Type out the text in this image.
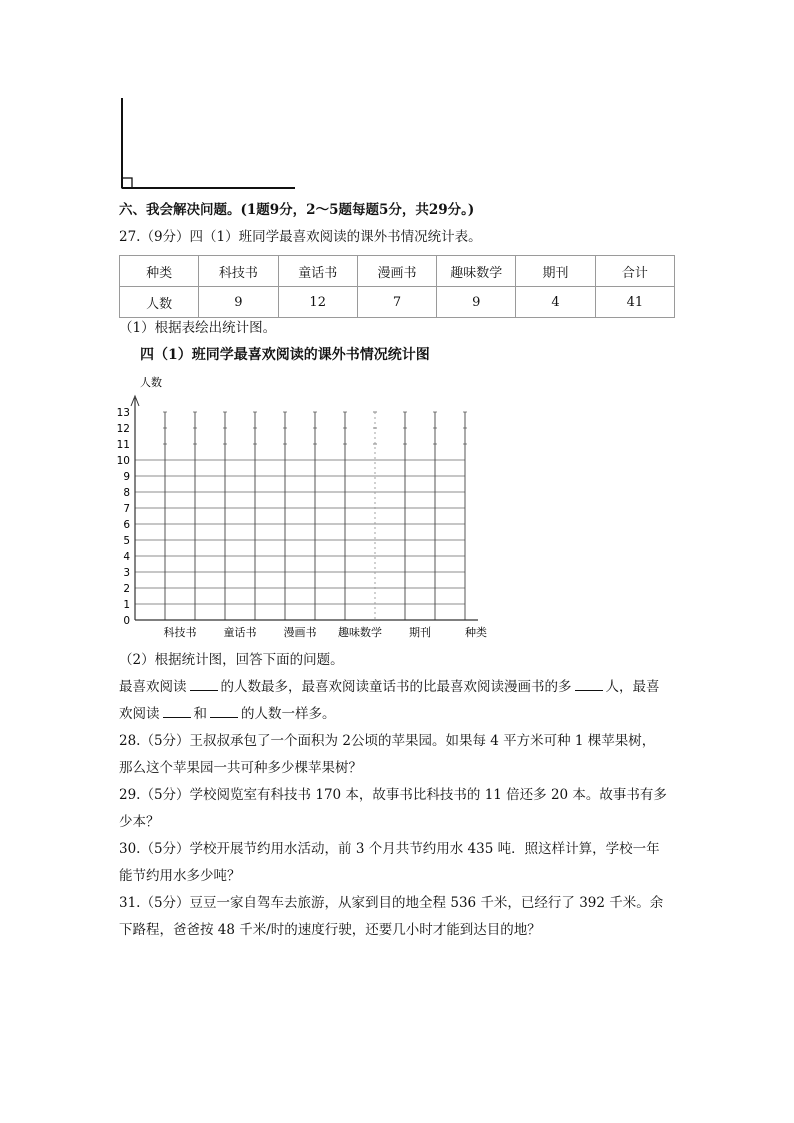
六、我会解决问题。(1题9分，2～5题每题5分，共29分。)
27.（9分）四（1）班同学最喜欢阅读的课外书情况统计表。
种类	科技书	童话书	漫画书	趣味数学	期刊	合计
人数	9	12	7	9	4	41
（1）根据表绘出统计图。
四（1）班同学最喜欢阅读的课外书情况统计图
人数
0
1
2
3
4
5
6
7
8
9
10
11
12
13
科技书 童话书 漫画书 趣味数学 期刊	种类
（2）根据统计图，回答下面的问题。
最喜欢阅读	的人数最多，最喜欢阅读童话书的比最喜欢阅读漫画书的多	人，最喜
欢阅读	和	的人数一样多。
28.（5分）王叔叔承包了一个面积为 2公顷的苹果园。如果每 4 平方米可种 1 棵苹果树，
那么这个苹果园一共可种多少棵苹果树？
29.（5分）学校阅览室有科技书 170 本，故事书比科技书的 11 倍还多 20 本。故事书有多
少本？
30.（5分）学校开展节约用水活动，前 3 个月共节约用水 435 吨．照这样计算，学校一年
能节约用水多少吨？
31.（5分）豆豆一家自驾车去旅游，从家到目的地全程 536 千米，已经行了 392 千米。余
下路程，爸爸按 48 千米/时的速度行驶，还要几小时才能到达目的地？
